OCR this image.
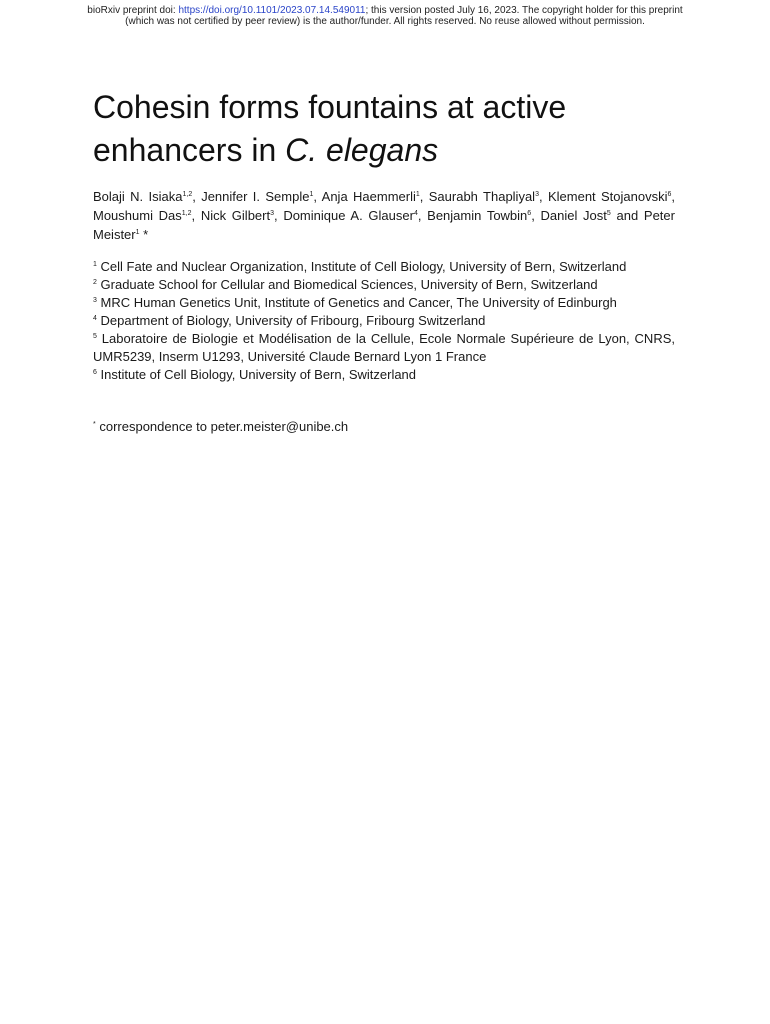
bioRxiv preprint doi: https://doi.org/10.1101/2023.07.14.549011; this version posted July 16, 2023. The copyright holder for this preprint
(which was not certified by peer review) is the author/funder. All rights reserved. No reuse allowed without permission.
Cohesin forms fountains at active
enhancers in C. elegans
Bolaji N. Isiaka$^{1,2}$, Jennifer I. Semple$^1$, Anja Haemmerli$^1$, Saurabh Thapliyal$^3$, Klement Stojanovski$^6$, Moushumi Das$^{1,2}$, Nick Gilbert$^3$, Dominique A. Glauser$^4$, Benjamin Towbin$^6$, Daniel Jost$^5$ and Peter Meister$^1$ *

$^1$ Cell Fate and Nuclear Organization, Institute of Cell Biology, University of Bern, Switzerland

$^2$ Graduate School for Cellular and Biomedical Sciences, University of Bern, Switzerland

$^3$ MRC Human Genetics Unit, Institute of Genetics and Cancer, The University of Edinburgh

$^4$ Department of Biology, University of Fribourg, Fribourg Switzerland

$^5$ Laboratoire de Biologie et Modélisation de la Cellule, Ecole Normale Supérieure de Lyon, CNRS, UMR5239, Inserm U1293, Université Claude Bernard Lyon 1 France

$^6$ Institute of Cell Biology, University of Bern, Switzerland

* correspondence to peter.meister@unibe.ch
